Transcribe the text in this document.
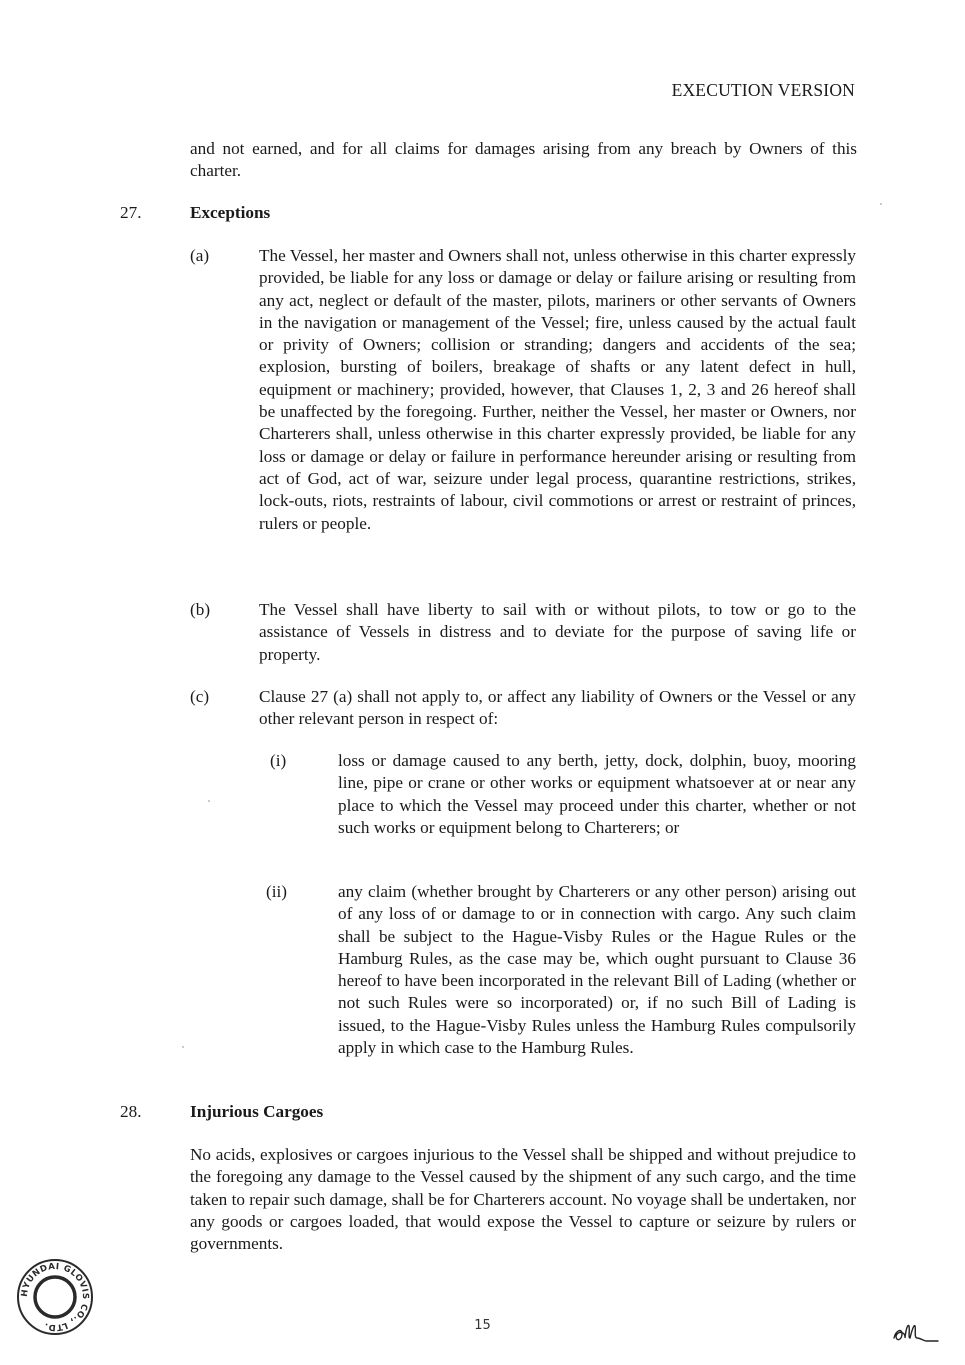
EXECUTION VERSION

and not earned, and for all claims for damages arising from any breach by Owners of this charter.

27.	Exceptions
(a)	The Vessel, her master and Owners shall not, unless otherwise in this charter expressly provided, be liable for any loss or damage or delay or failure arising or resulting from any act, neglect or default of the master, pilots, mariners or other servants of Owners in the navigation or management of the Vessel; fire, unless caused by the actual fault or privity of Owners; collision or stranding; dangers and accidents of the sea; explosion, bursting of boilers, breakage of shafts or any latent defect in hull, equipment or machinery; provided, however, that Clauses 1, 2, 3 and 26 hereof shall be unaffected by the foregoing. Further, neither the Vessel, her master or Owners, nor Charterers shall, unless otherwise in this charter expressly provided, be liable for any loss or damage or delay or failure in performance hereunder arising or resulting from act of God, act of war, seizure under legal process, quarantine restrictions, strikes, lock-outs, riots, restraints of labour, civil commotions or arrest or restraint of princes, rulers or people.

(b)	The Vessel shall have liberty to sail with or without pilots, to tow or go to the assistance of Vessels in distress and to deviate for the purpose of saving life or property.

(c)	Clause 27 (a) shall not apply to, or affect any liability of Owners or the Vessel or any other relevant person in respect of:

(i)	loss or damage caused to any berth, jetty, dock, dolphin, buoy, mooring line, pipe or crane or other works or equipment whatsoever at or near any place to which the Vessel may proceed under this charter, whether or not such works or equipment belong to Charterers; or

(ii)	any claim (whether brought by Charterers or any other person) arising out of any loss of or damage to or in connection with cargo. Any such claim shall be subject to the Hague-Visby Rules or the Hague Rules or the Hamburg Rules, as the case may be, which ought pursuant to Clause 36 hereof to have been incorporated in the relevant Bill of Lading (whether or not such Rules were so incorporated) or, if no such Bill of Lading is issued, to the Hague-Visby Rules unless the Hamburg Rules compulsorily apply in which case to the Hamburg Rules.

28.	Injurious Cargoes

No acids, explosives or cargoes injurious to the Vessel shall be shipped and without prejudice to the foregoing any damage to the Vessel caused by the shipment of any such cargo, and the time taken to repair such damage, shall be for Charterers account. No voyage shall be undertaken, nor any goods or cargoes loaded, that would expose the Vessel to capture or seizure by rulers or governments.

15
HYUNDAI GLOVIS CO., LTD.
